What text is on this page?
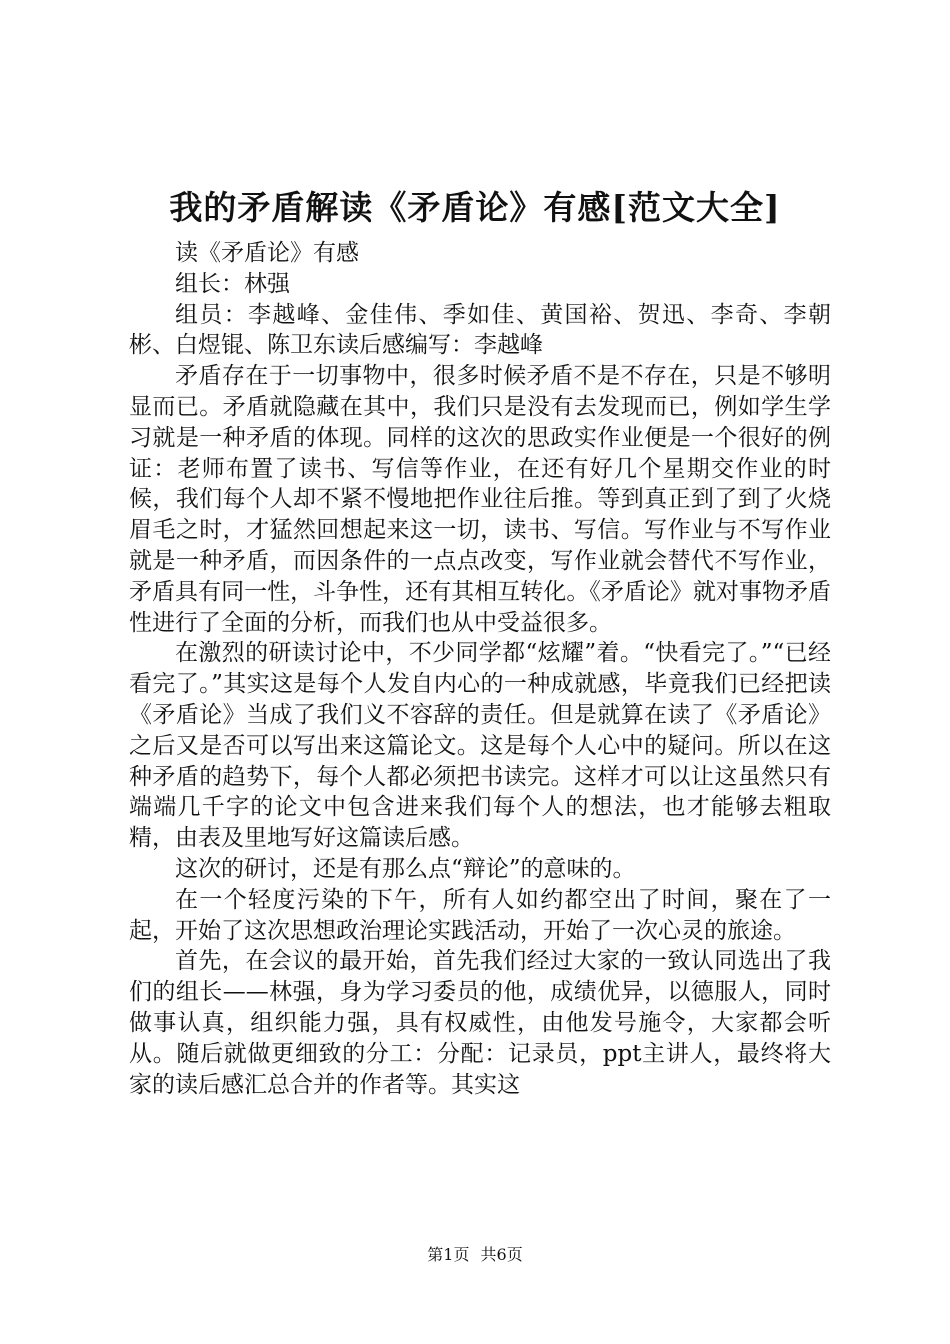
我的矛盾解读《矛盾论》有感[范文大全]

读《矛盾论》有感

组长：林强

组员：李越峰、金佳伟、季如佳、黄国裕、贺迅、李奇、李朝彬、白煜锟、陈卫东读后感编写：李越峰

矛盾存在于一切事物中，很多时候矛盾不是不存在，只是不够明显而已。矛盾就隐藏在其中，我们只是没有去发现而已，例如学生学习就是一种矛盾的体现。同样的这次的思政实作业便是一个很好的例证：老师布置了读书、写信等作业，在还有好几个星期交作业的时候，我们每个人却不紧不慢地把作业往后推。等到真正到了到了火烧眉毛之时，才猛然回想起来这一切，读书、写信。写作业与不写作业就是一种矛盾，而因条件的一点点改变，写作业就会替代不写作业，矛盾具有同一性，斗争性，还有其相互转化。《矛盾论》就对事物矛盾性进行了全面的分析，而我们也从中受益很多。

在激烈的研读讨论中，不少同学都“炫耀”着。“快看完了。”“已经看完了。”其实这是每个人发自内心的一种成就感，毕竟我们已经把读《矛盾论》当成了我们义不容辞的责任。但是就算在读了《矛盾论》之后又是否可以写出来这篇论文。这是每个人心中的疑问。所以在这种矛盾的趋势下，每个人都必须把书读完。这样才可以让这虽然只有端端几千字的论文中包含进来我们每个人的想法，也才能够去粗取精，由表及里地写好这篇读后感。

这次的研讨，还是有那么点“辩论”的意味的。

在一个轻度污染的下午，所有人如约都空出了时间，聚在了一起，开始了这次思想政治理论实践活动，开始了一次心灵的旅途。

首先，在会议的最开始，首先我们经过大家的一致认同选出了我们的组长——林强，身为学习委员的他，成绩优异，以德服人，同时做事认真，组织能力强，具有权威性，由他发号施令，大家都会听从。随后就做更细致的分工：分配：记录员，ppt主讲人，最终将大家的读后感汇总合并的作者等。其实这

第1页 共6页
